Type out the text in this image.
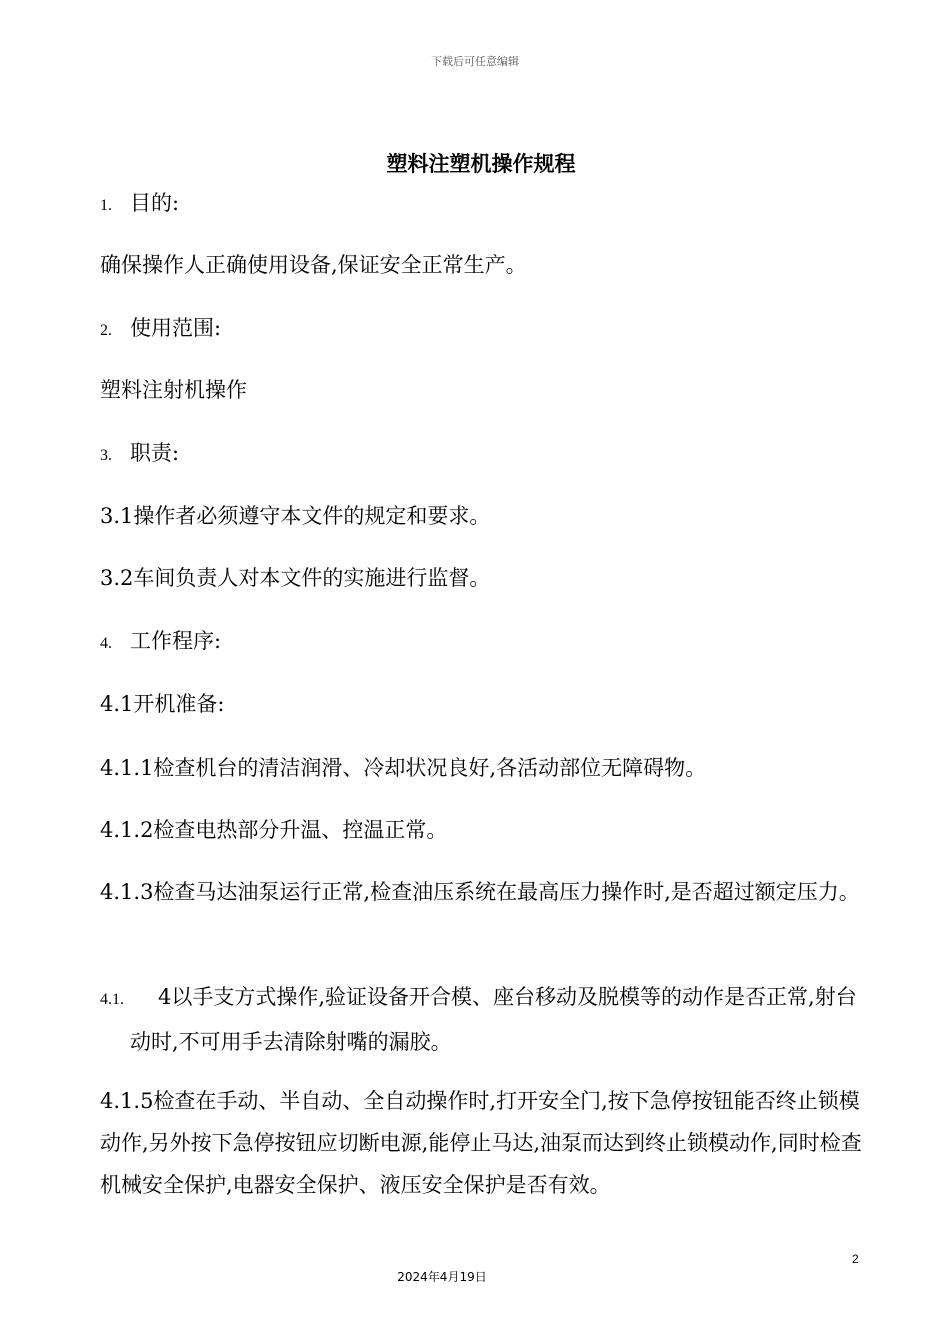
下载后可任意编辑
塑料注塑机操作规程
1. 目的:
确保操作人正确使用设备,保证安全正常生产。
2. 使用范围:
塑料注射机操作
3. 职责:
3.1操作者必须遵守本文件的规定和要求。
3.2车间负责人对本文件的实施进行监督。
4. 工作程序:
4.1开机准备:
4.1.1检查机台的清洁润滑、冷却状况良好,各活动部位无障碍物。
4.1.2检查电热部分升温、控温正常。
4.1.3检查马达油泵运行正常,检查油压系统在最高压力操作时,是否超过额定压力。
4.1. 4以手支方式操作,验证设备开合模、座台移动及脱模等的动作是否正常,射台动时,不可用手去清除射嘴的漏胶。
4.1.5检查在手动、半自动、全自动操作时,打开安全门,按下急停按钮能否终止锁模动作,另外按下急停按钮应切断电源,能停止马达,油泵而达到终止锁模动作,同时检查机械安全保护,电器安全保护、液压安全保护是否有效。
2
2024年4月19日
